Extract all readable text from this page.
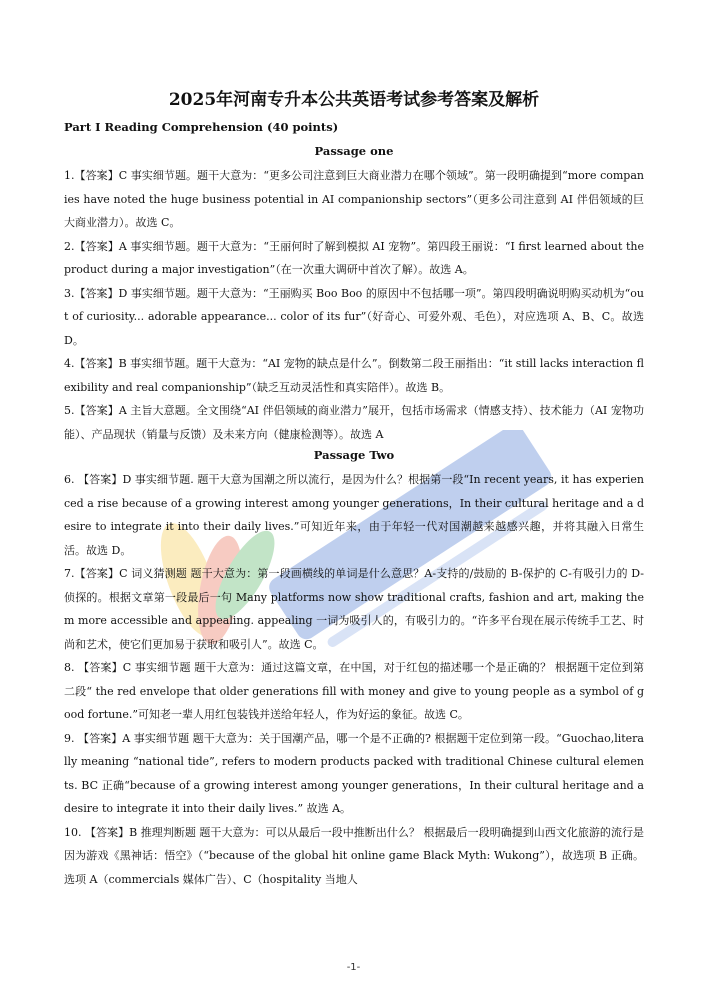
2025年河南专升本公共英语考试参考答案及解析
Part I Reading Comprehension (40 points)
Passage one

1.【答案】C 事实细节题。题干大意为：“更多公司注意到巨大商业潜力在哪个领域”。第一段明确提到“more companies have noted the huge business potential in AI companionship sectors”（更多公司注意到 AI 伴侣领域的巨大商业潜力）。故选 C。

2.【答案】A 事实细节题。题干大意为：“王丽何时了解到模拟 AI 宠物”。第四段王丽说：“I first learned about the product during a major investigation”（在一次重大调研中首次了解）。故选 A。

3.【答案】D 事实细节题。题干大意为：“王丽购买 Boo Boo 的原因中不包括哪一项”。第四段明确说明购买动机为“out of curiosity... adorable appearance... color of its fur”（好奇心、可爱外观、毛色），对应选项 A、B、C。故选 D。

4.【答案】B 事实细节题。题干大意为：“AI 宠物的缺点是什么”。倒数第二段王丽指出：“it still lacks interaction flexibility and real companionship”（缺乏互动灵活性和真实陪伴）。故选 B。

5.【答案】A 主旨大意题。全文围绕“AI 伴侣领域的商业潜力”展开，包括市场需求（情感支持）、技术能力（AI 宠物功能）、产品现状（销量与反馈）及未来方向（健康检测等）。故选 A

Passage Two

6. 【答案】D 事实细节题. 题干大意为国潮之所以流行，是因为什么？根据第一段“In recent years, it has experienced a rise because of a growing interest among younger generations，In their cultural heritage and a desire to integrate it into their daily lives.”可知近年来，由于年轻一代对国潮越来越感兴趣，并将其融入日常生活。故选 D。

7.【答案】C 词义猜测题 题干大意为：第一段画横线的单词是什么意思？A-支持的/鼓励的 B-保护的 C-有吸引力的 D-侦探的。根据文章第一段最后一句 Many platforms now show traditional crafts, fashion and art, making them more accessible and appealing. appealing 一词为吸引人的，有吸引力的。“许多平台现在展示传统手工艺、时尚和艺术，使它们更加易于获取和吸引人”。故选 C。

8. 【答案】C 事实细节题 题干大意为：通过这篇文章，在中国，对于红包的描述哪一个是正确的？ 根据题干定位到第二段“ the red envelope that older generations fill with money and give to young people as a symbol of good fortune.”可知老一辈人用红包装钱并送给年轻人，作为好运的象征。故选 C。

9. 【答案】A 事实细节题 题干大意为：关于国潮产品，哪一个是不正确的? 根据题干定位到第一段。“Guochao,literally meaning “national tide”, refers to modern products packed with traditional Chinese cultural elements. BC 正确“because of a growing interest among younger generations，In their cultural heritage and a desire to integrate it into their daily lives.” 故选 A。

10. 【答案】B 推理判断题 题干大意为：可以从最后一段中推断出什么？ 根据最后一段明确提到山西文化旅游的流行是因为游戏《黑神话：悟空》（“because of the global hit online game Black Myth: Wukong”），故选项 B 正确。选项 A（commercials 媒体广告）、C（hospitality 当地人

-1-
